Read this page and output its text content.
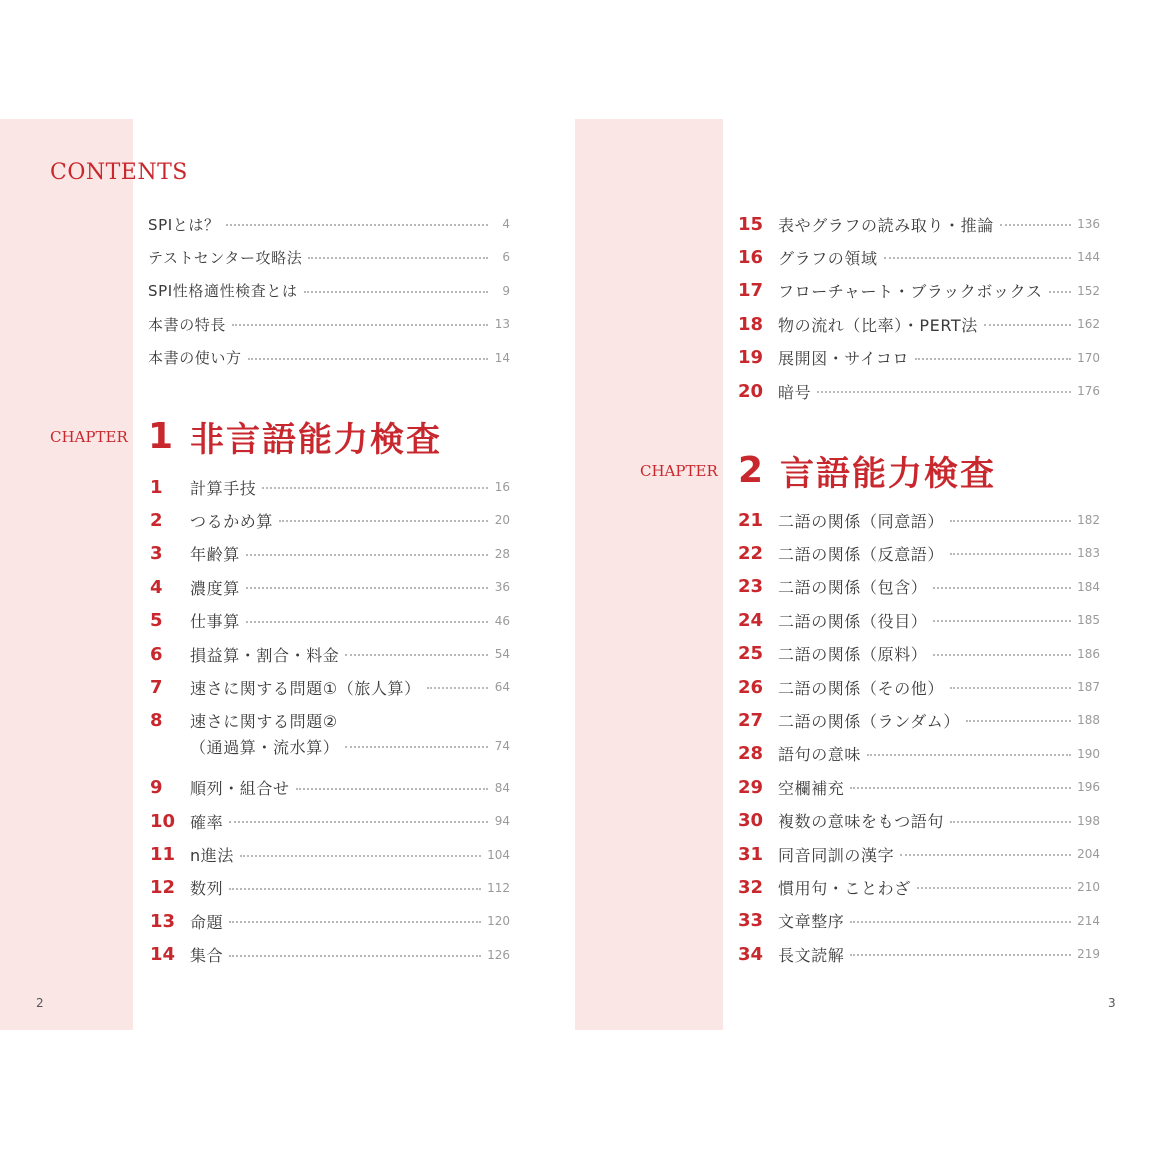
CONTENTS
SPIとは？	4
テストセンター攻略法	6
SPI性格適性検査とは	9
本書の特長	13
本書の使い方	14
CHAPTER 1 非言語能力検査
1	計算手技	16
2	つるかめ算	20
3	年齢算	28
4	濃度算	36
5	仕事算	46
6	損益算・割合・料金	54
7	速さに関する問題①（旅人算）	64
8	速さに関する問題②
（通過算・流水算）	74
9	順列・組合せ	84
10 確率	94
11 n進法	104
12 数列	112
13 命題	120
14 集合	126
15 表やグラフの読み取り・推論	136
16 グラフの領域	144
17 フローチャート・ブラックボックス	152
18 物の流れ（比率）・PERT法	162
19 展開図・サイコロ	170
20 暗号	176
CHAPTER 2 言語能力検査
21 二語の関係（同意語）	182
22 二語の関係（反意語）	183
23 二語の関係（包含）	184
24 二語の関係（役目）	185
25 二語の関係（原料）	186
26 二語の関係（その他）	187
27 二語の関係（ランダム）	188
28 語句の意味	190
29 空欄補充	196
30 複数の意味をもつ語句	198
31 同音同訓の漢字	204
32 慣用句・ことわざ	210
33 文章整序	214
34 長文読解	219
2	3
